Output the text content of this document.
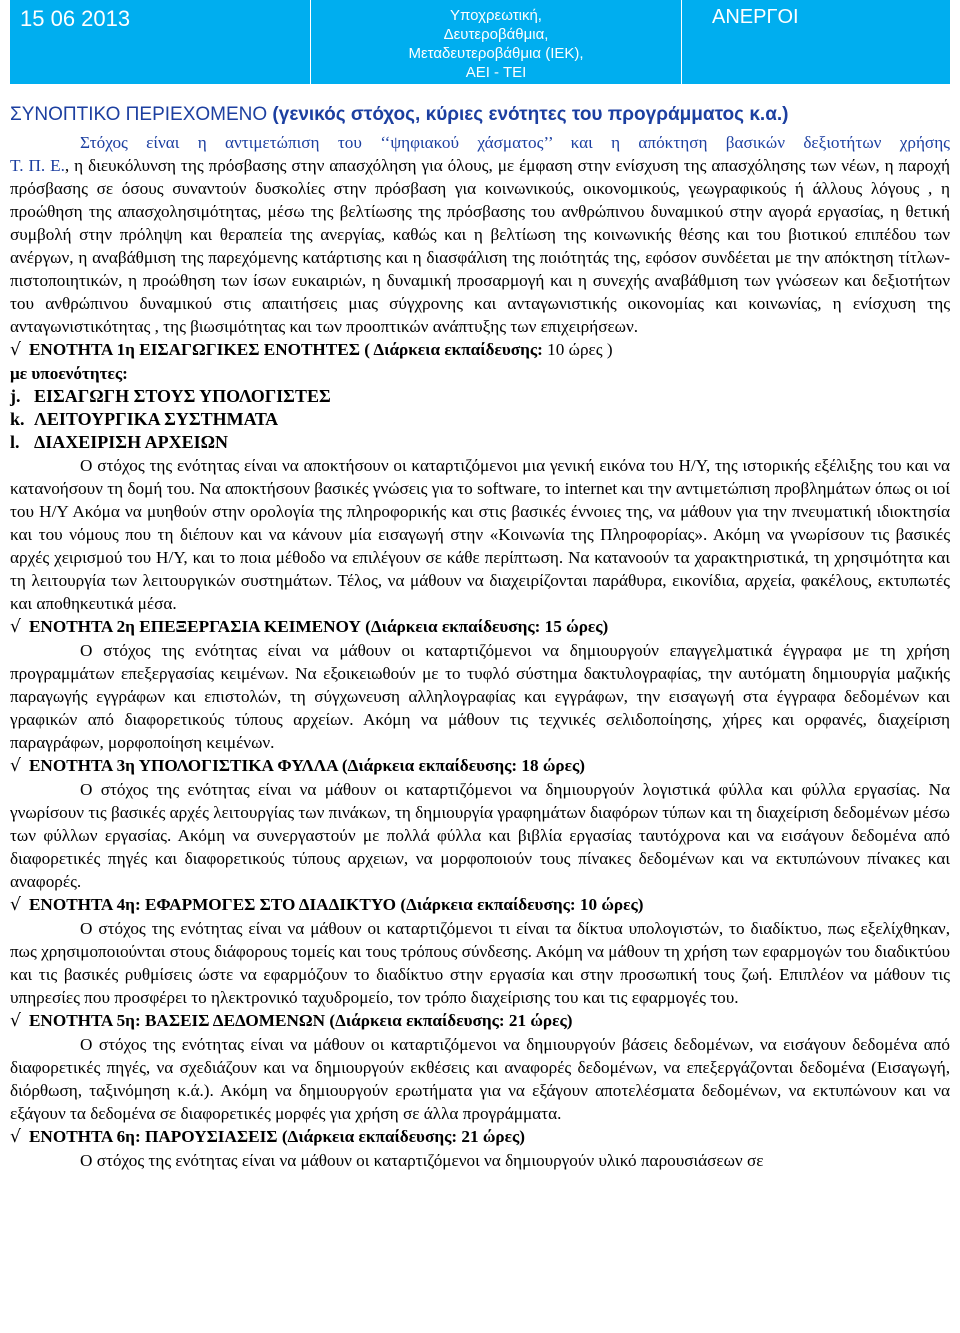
15 06 2013	Υποχρεωτική,
Δευτεροβάθμια,
Μεταδευτεροβάθμια (ΙΕΚ),
ΑΕΙ - ΤΕΙ
ΑΝΕΡΓΟΙ
ΣΥΝΟΠΤΙΚΟ ΠΕΡΙΕΧΟΜΕΝΟ (γενικός στόχος, κύριες ενότητες του προγράμματος κ.α.)

Στόχος είναι η αντιμετώπιση του ‘‘ψηφιακού χάσματος’’ και η απόκτηση βασικών δεξιοτήτων χρήσης

Τ. Π. Ε., η διευκόλυνση της πρόσβασης στην απασχόληση για όλους, με έμφαση στην ενίσχυση της απασχόλησης των νέων, η παροχή πρόσβασης σε όσους συναντούν δυσκολίες στην πρόσβαση για κοινωνικούς, οικονομικούς, γεωγραφικούς ή άλλους λόγους , η προώθηση της απασχολησιμότητας, μέσω της βελτίωσης της πρόσβασης του ανθρώπινου δυναμικού στην αγορά εργασίας, η θετική συμβολή στην πρόληψη και θεραπεία της ανεργίας, καθώς και η βελτίωση της κοινωνικής θέσης και του βιοτικού επιπέδου των ανέργων, η αναβάθμιση της παρεχόμενης κατάρτισης και η διασφάλιση της ποιότητάς της, εφόσον συνδέεται με την απόκτηση τίτλων- πιστοποιητικών, η προώθηση των ίσων ευκαιριών, η δυναμική προσαρμογή και η συνεχής αναβάθμιση των γνώσεων και δεξιοτήτων του ανθρώπινου δυναμικού στις απαιτήσεις μιας σύγχρονης και ανταγωνιστικής οικονομίας και κοινωνίας, η ενίσχυση της ανταγωνιστικότητας , της βιωσιμότητας και των προοπτικών ανάπτυξης των επιχειρήσεων.

√ ΕΝΟΤΗΤΑ 1η ΕΙΣΑΓΩΓΙΚΕΣ ΕΝΟΤΗΤΕΣ ( Διάρκεια εκπαίδευσης: 10 ώρες )

με υποενότητες:

j. ΕΙΣΑΓΩΓΗ ΣΤΟΥΣ ΥΠΟΛΟΓΙΣΤΕΣ

k. ΛΕΙΤΟΥΡΓΙΚΑ ΣΥΣΤΗΜΑΤΑ

l. ΔΙΑΧΕΙΡΙΣΗ ΑΡΧΕΙΩΝ

Ο στόχος της ενότητας είναι να αποκτήσουν οι καταρτιζόμενοι μια γενική εικόνα του Η/Υ, της ιστορικής εξέλιξης του και να κατανοήσουν τη δομή του. Να αποκτήσουν βασικές γνώσεις για το software, το internet και την αντιμετώπιση προβλημάτων όπως οι ιοί του Η/Υ Ακόμα να μυηθούν στην ορολογία της πληροφορικής και στις βασικές έννοιες της, να μάθουν για την πνευματική ιδιοκτησία και του νόμους που τη διέπουν και να κάνουν μία εισαγωγή στην «Κοινωνία της Πληροφορίας». Ακόμη να γνωρίσουν τις βασικές αρχές χειρισμού του Η/Υ, και το ποια μέθοδο να επιλέγουν σε κάθε περίπτωση. Να κατανοούν τα χαρακτηριστικά, τη χρησιμότητα και τη λειτουργία των λειτουργικών συστημάτων. Τέλος, να μάθουν να διαχειρίζονται παράθυρα, εικονίδια, αρχεία, φακέλους, εκτυπωτές και αποθηκευτικά μέσα.

√ ΕΝΟΤΗΤΑ 2η ΕΠΕΞΕΡΓΑΣΙΑ ΚΕΙΜΕΝΟΥ (Διάρκεια εκπαίδευσης: 15 ώρες)

Ο στόχος της ενότητας είναι να μάθουν οι καταρτιζόμενοι να δημιουργούν επαγγελματικά έγγραφα με τη χρήση προγραμμάτων επεξεργασίας κειμένων. Να εξοικειωθούν με το τυφλό σύστημα δακτυλογραφίας, την αυτόματη δημιουργία μαζικής παραγωγής εγγράφων και επιστολών, τη σύγχωνευση αλληλογραφίας και εγγράφων, την εισαγωγή στα έγγραφα δεδομένων και γραφικών από διαφορετικούς τύπους αρχείων. Ακόμη να μάθουν τις τεχνικές σελιδοποίησης, χήρες και ορφανές, διαχείριση παραγράφων, μορφοποίηση κειμένων.

√ ΕΝΟΤΗΤΑ 3η ΥΠΟΛΟΓΙΣΤΙΚΑ ΦΥΛΛΑ (Διάρκεια εκπαίδευσης: 18 ώρες)

Ο στόχος της ενότητας είναι να μάθουν οι καταρτιζόμενοι να δημιουργούν λογιστικά φύλλα και φύλλα εργασίας. Να γνωρίσουν τις βασικές αρχές λειτουργίας των πινάκων, τη δημιουργία γραφημάτων διαφόρων τύπων και τη διαχείριση δεδομένων μέσω των φύλλων εργασίας. Ακόμη να συνεργαστούν με πολλά φύλλα και βιβλία εργασίας ταυτόχρονα και να εισάγουν δεδομένα από διαφορετικές πηγές και διαφορετικούς τύπους αρχειων, να μορφοποιούν τους πίνακες δεδομένων και να εκτυπώνουν πίνακες και αναφορές.

√ ΕΝΟΤΗΤΑ 4η: ΕΦΑΡΜΟΓΕΣ ΣΤΟ ΔΙΑΔΙΚΤΥΟ (Διάρκεια εκπαίδευσης: 10 ώρες)

Ο στόχος της ενότητας είναι να μάθουν οι καταρτιζόμενοι τι είναι τα δίκτυα υπολογιστών, το διαδίκτυο, πως εξελίχθηκαν, πως χρησιμοποιούνται στους διάφορους τομείς και τους τρόπους σύνδεσης. Ακόμη να μάθουν τη χρήση των εφαρμογών του διαδικτύου και τις βασικές ρυθμίσεις ώστε να εφαρμόζουν το διαδίκτυο στην εργασία και στην προσωπική τους ζωή. Επιπλέον να μάθουν τις υπηρεσίες που προσφέρει το ηλεκτρονικό ταχυδρομείο, τον τρόπο διαχείρισης του και τις εφαρμογές του.

√ ΕΝΟΤΗΤΑ 5η: ΒΑΣΕΙΣ ΔΕΔΟΜΕΝΩΝ (Διάρκεια εκπαίδευσης: 21 ώρες)

Ο στόχος της ενότητας είναι να μάθουν οι καταρτιζόμενοι να δημιουργούν βάσεις δεδομένων, να εισάγουν δεδομένα από διαφορετικές πηγές, να σχεδιάζουν και να δημιουργούν εκθέσεις και αναφορές δεδομένων, να επεξεργάζονται δεδομένα (Εισαγωγή, διόρθωση, ταξινόμηση κ.ά.). Ακόμη να δημιουργούν ερωτήματα για να εξάγουν αποτελέσματα δεδομένων, να εκτυπώνουν και να εξάγουν τα δεδομένα σε διαφορετικές μορφές για χρήση σε άλλα προγράμματα.

√ ΕΝΟΤΗΤΑ 6η: ΠΑΡΟΥΣΙΑΣΕΙΣ (Διάρκεια εκπαίδευσης: 21 ώρες)

Ο στόχος της ενότητας είναι να μάθουν οι καταρτιζόμενοι να δημιουργούν υλικό παρουσιάσεων σε
